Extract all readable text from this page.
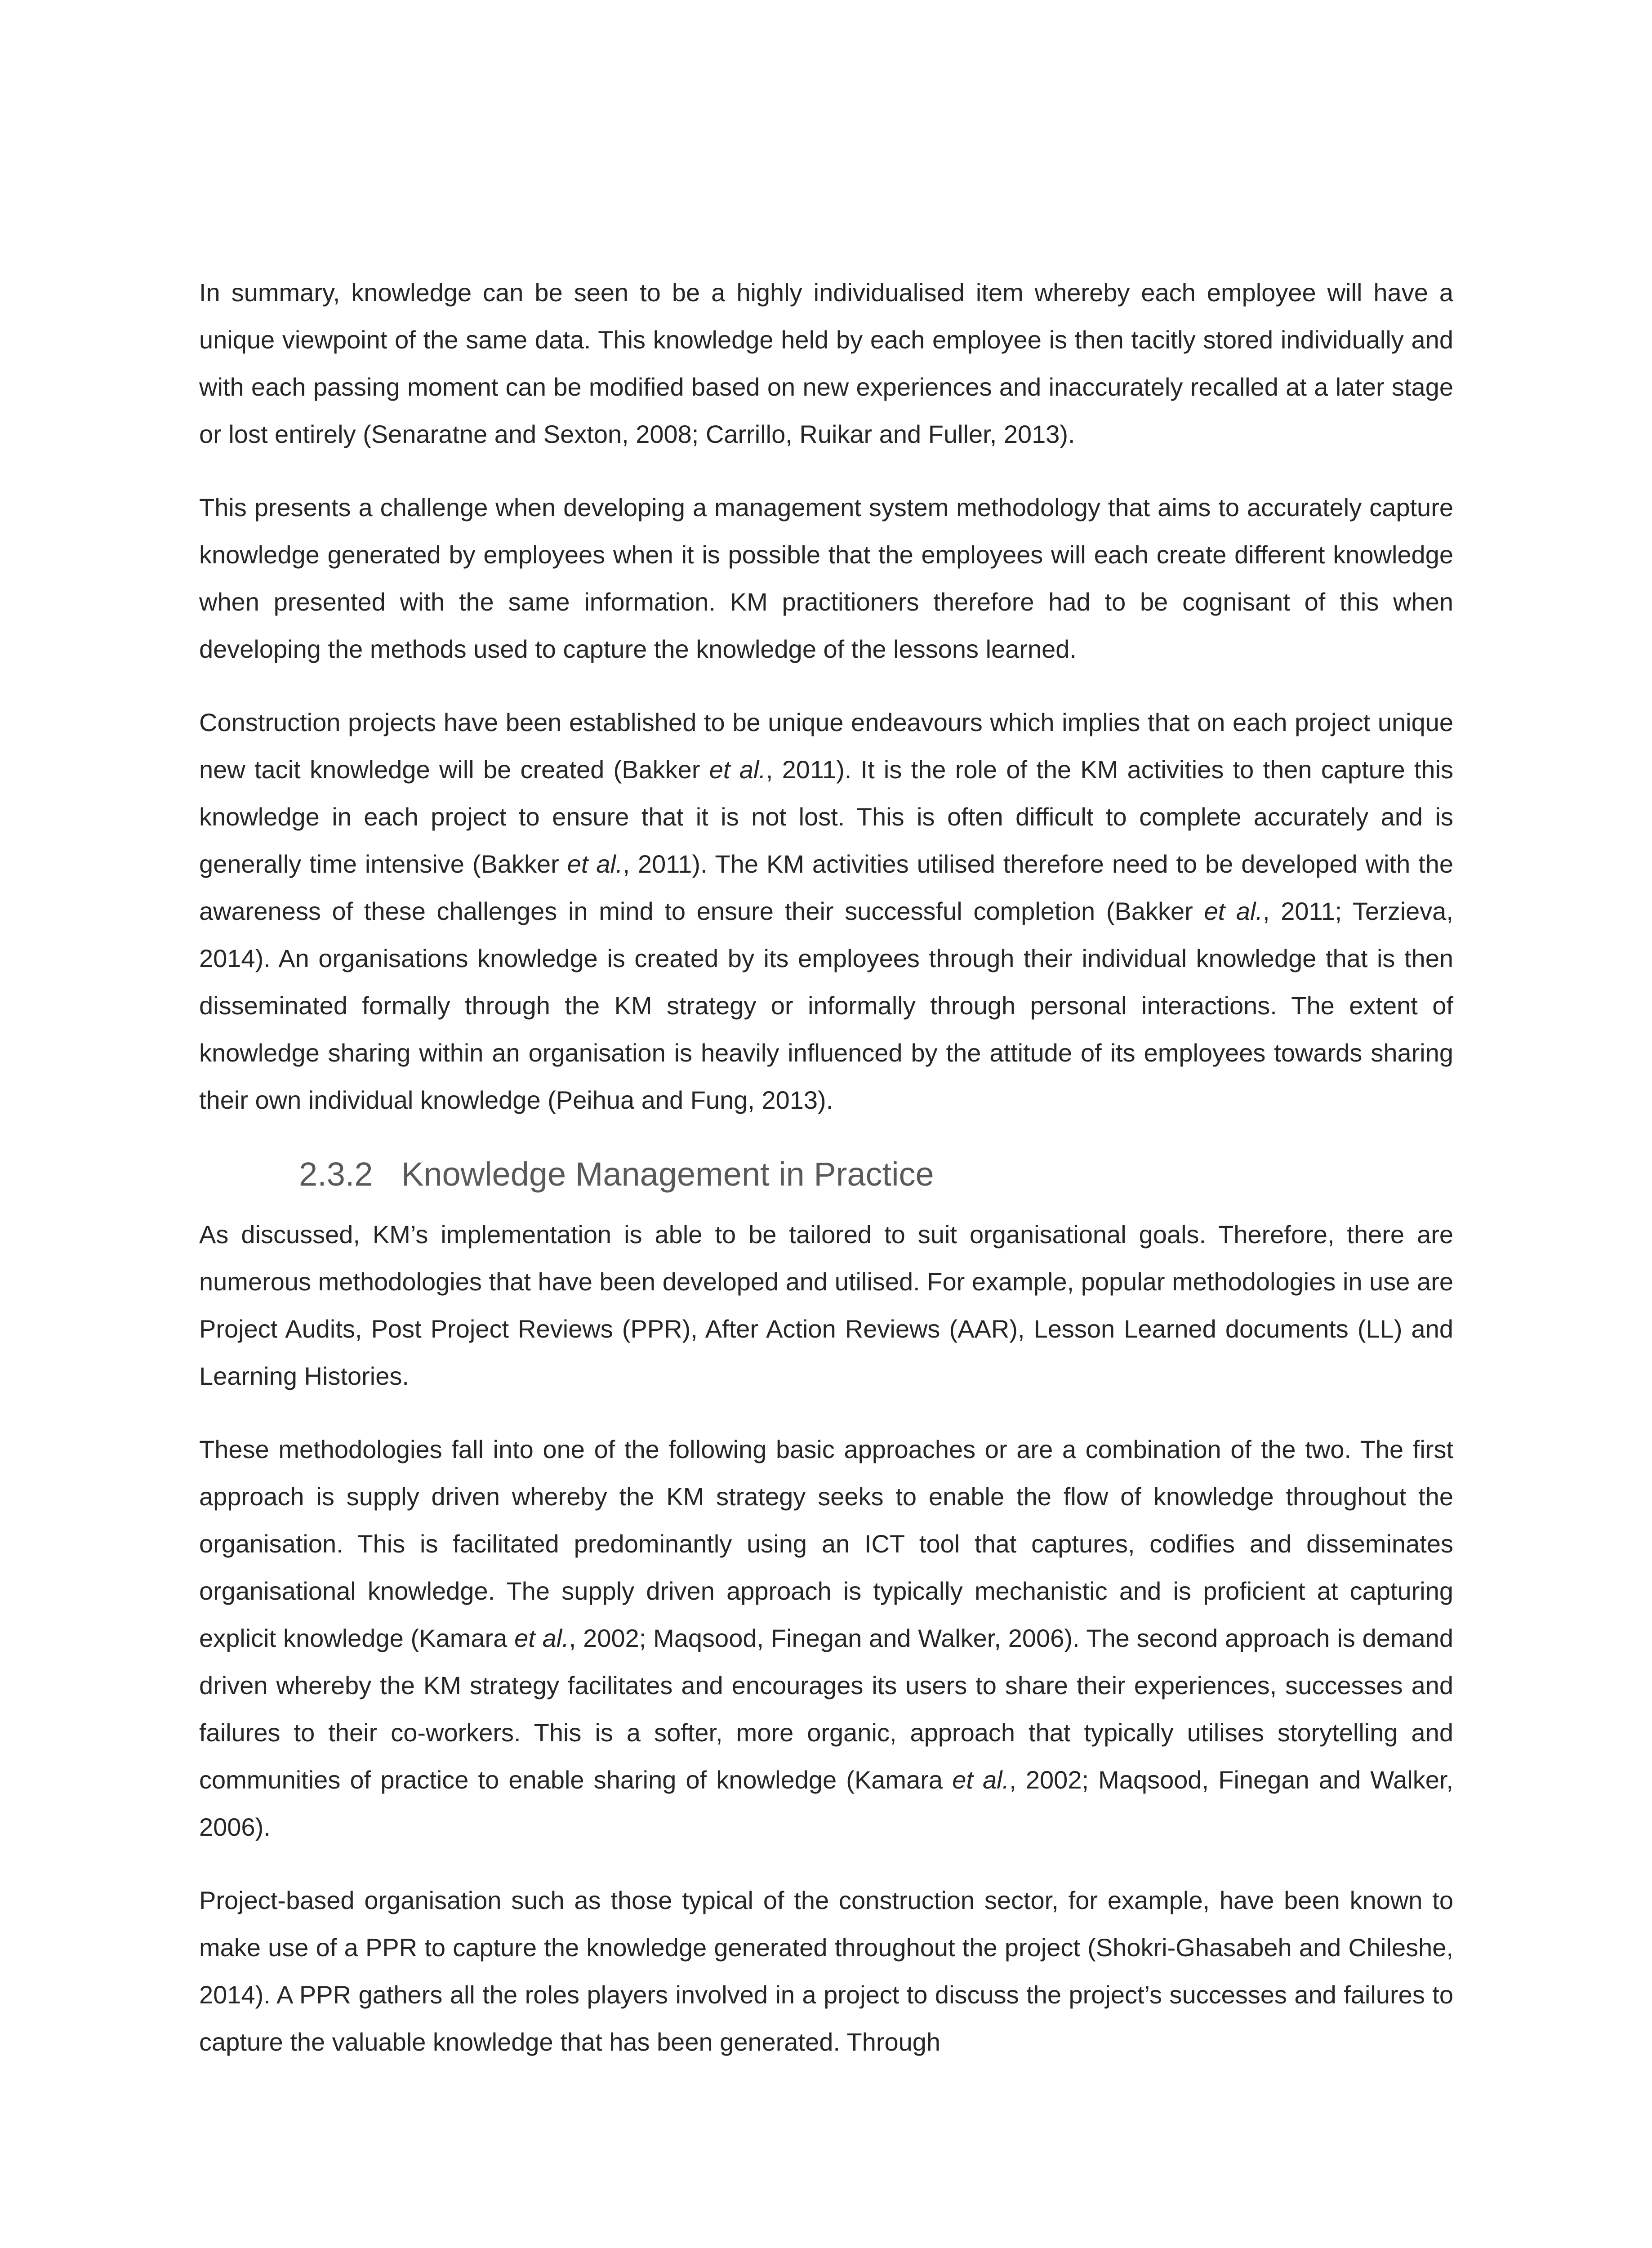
In summary, knowledge can be seen to be a highly individualised item whereby each employee will have a unique viewpoint of the same data. This knowledge held by each employee is then tacitly stored individually and with each passing moment can be modified based on new experiences and inaccurately recalled at a later stage or lost entirely (Senaratne and Sexton, 2008; Carrillo, Ruikar and Fuller, 2013).

This presents a challenge when developing a management system methodology that aims to accurately capture knowledge generated by employees when it is possible that the employees will each create different knowledge when presented with the same information. KM practitioners therefore had to be cognisant of this when developing the methods used to capture the knowledge of the lessons learned.

Construction projects have been established to be unique endeavours which implies that on each project unique new tacit knowledge will be created (Bakker et al., 2011). It is the role of the KM activities to then capture this knowledge in each project to ensure that it is not lost. This is often difficult to complete accurately and is generally time intensive (Bakker et al., 2011). The KM activities utilised therefore need to be developed with the awareness of these challenges in mind to ensure their successful completion (Bakker et al., 2011; Terzieva, 2014). An organisations knowledge is created by its employees through their individual knowledge that is then disseminated formally through the KM strategy or informally through personal interactions. The extent of knowledge sharing within an organisation is heavily influenced by the attitude of its employees towards sharing their own individual knowledge (Peihua and Fung, 2013).

2.3.2 Knowledge Management in Practice

As discussed, KM’s implementation is able to be tailored to suit organisational goals. Therefore, there are numerous methodologies that have been developed and utilised. For example, popular methodologies in use are Project Audits, Post Project Reviews (PPR), After Action Reviews (AAR), Lesson Learned documents (LL) and Learning Histories.

These methodologies fall into one of the following basic approaches or are a combination of the two. The first approach is supply driven whereby the KM strategy seeks to enable the flow of knowledge throughout the organisation. This is facilitated predominantly using an ICT tool that captures, codifies and disseminates organisational knowledge. The supply driven approach is typically mechanistic and is proficient at capturing explicit knowledge (Kamara et al., 2002; Maqsood, Finegan and Walker, 2006). The second approach is demand driven whereby the KM strategy facilitates and encourages its users to share their experiences, successes and failures to their co-workers. This is a softer, more organic, approach that typically utilises storytelling and communities of practice to enable sharing of knowledge (Kamara et al., 2002; Maqsood, Finegan and Walker, 2006).

Project-based organisation such as those typical of the construction sector, for example, have been known to make use of a PPR to capture the knowledge generated throughout the project (Shokri-Ghasabeh and Chileshe, 2014). A PPR gathers all the roles players involved in a project to discuss the project’s successes and failures to capture the valuable knowledge that has been generated. Through
